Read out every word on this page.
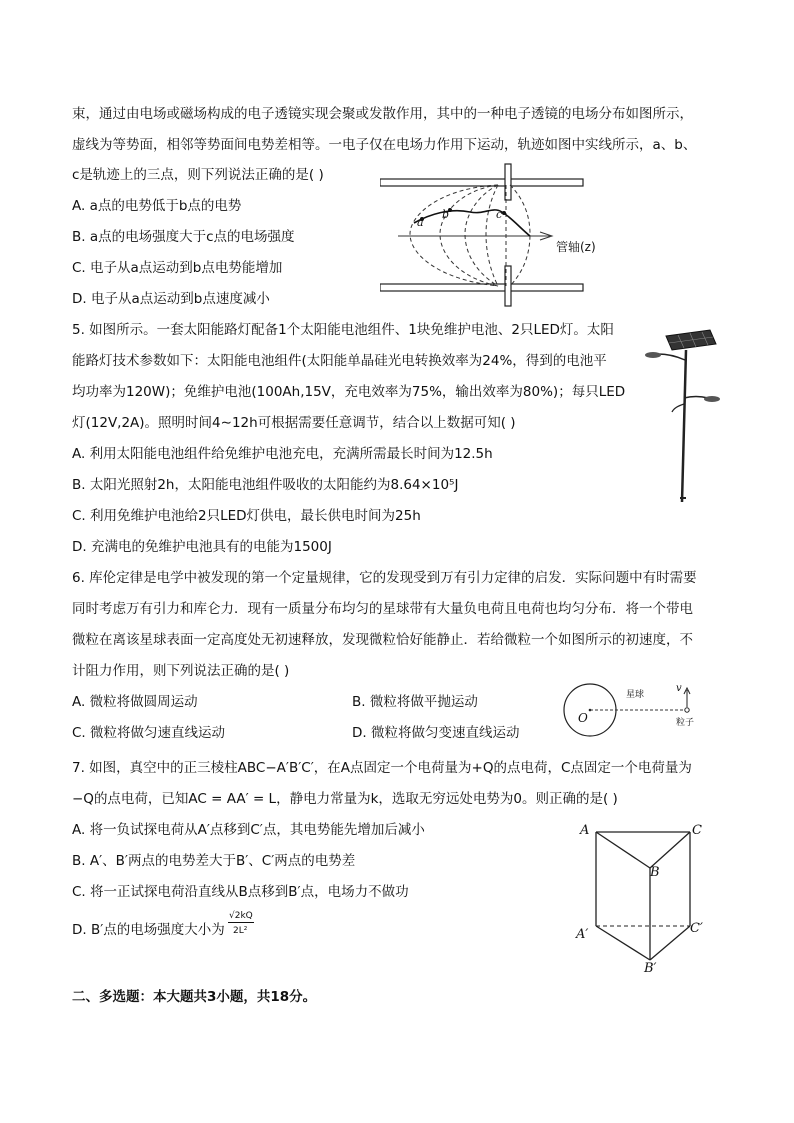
束，通过由电场或磁场构成的电子透镜实现会聚或发散作用，其中的一种电子透镜的电场分布如图所示，
虚线为等势面，相邻等势面间电势差相等。一电子仅在电场力作用下运动，轨迹如图中实线所示，a、b、
c是轨迹上的三点，则下列说法正确的是( )
A. a点的电势低于b点的电势
B. a点的电场强度大于c点的电场强度
C. 电子从a点运动到b点电势能增加
D. 电子从a点运动到b点速度减小
a
b	c
管轴(z)
5. 如图所示。一套太阳能路灯配备1个太阳能电池组件、1块免维护电池、2只LED灯。太阳
能路灯技术参数如下：太阳能电池组件(太阳能单晶硅光电转换效率为24%，得到的电池平
均功率为120W)；免维护电池(100Ah,15V，充电效率为75%，输出效率为80%)；每只LED
灯(12V,2A)。照明时间4∼12h可根据需要任意调节，结合以上数据可知( )
A. 利用太阳能电池组件给免维护电池充电，充满所需最长时间为12.5h
B. 太阳光照射2h，太阳能电池组件吸收的太阳能约为8.64×10⁵J
C. 利用免维护电池给2只LED灯供电，最长供电时间为25h
D. 充满电的免维护电池具有的电能为1500J
6. 库伦定律是电学中被发现的第一个定量规律，它的发现受到万有引力定律的启发．实际问题中有时需要
同时考虑万有引力和库仑力．现有一质量分布均匀的星球带有大量负电荷且电荷也均匀分布．将一个带电
微粒在离该星球表面一定高度处无初速释放，发现微粒恰好能静止．若给微粒一个如图所示的初速度，不
计阻力作用，则下列说法正确的是( )
A. 微粒将做圆周运动	B. 微粒将做平抛运动
C. 微粒将做匀速直线运动	D. 微粒将做匀变速直线运动
O
星球
v
粒子
7. 如图，真空中的正三棱柱ABC−A′B′C′，在A点固定一个电荷量为+Q的点电荷，C点固定一个电荷量为
−Q的点电荷，已知AC = AA′ = L，静电力常量为k，选取无穷远处电势为0。则正确的是( )
A. 将一负试探电荷从A′点移到C′点，其电势能先增加后减小
B. A′、B′两点的电势差大于B′、C′两点的电势差
C. 将一正试探电荷沿直线从B点移到B′点，电场力不做功
D. B′点的电场强度大小为
√2kQ
2L²
A	C
B
A′	C′
B′
二、多选题：本大题共3小题，共18分。
